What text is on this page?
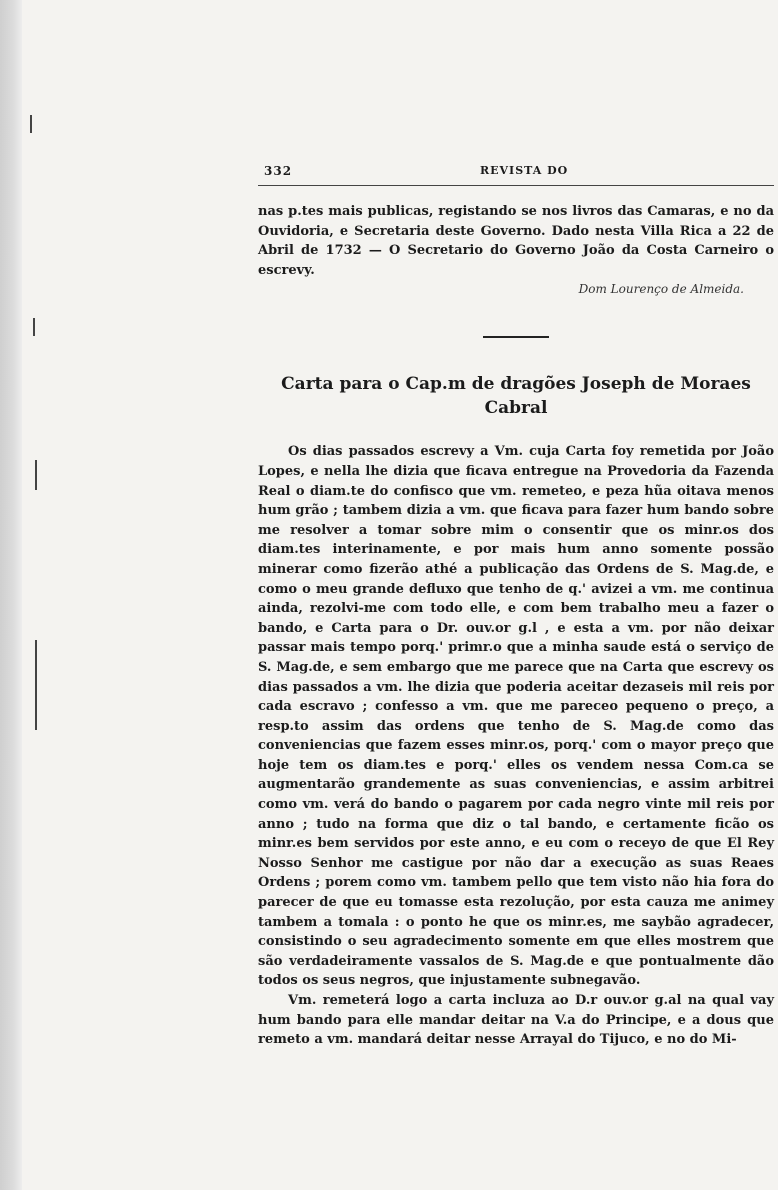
332	REVISTA DO
nas p.tes mais publicas, registando se nos livros das Camaras, e no da Ouvidoria, e Secretaria deste Governo. Dado nesta Villa Rica a 22 de Abril de 1732 — O Secretario do Governo João da Costa Carneiro o escrevy.
Dom Lourenço de Almeida.
Carta para o Cap.m de dragões Joseph de Moraes Cabral

Os dias passados escrevy a Vm. cuja Carta foy remetida por João Lopes, e nella lhe dizia que ficava entregue na Provedoria da Fazenda Real o diam.te do confisco que vm. remeteo, e peza hũa oitava menos hum grão ; tambem dizia a vm. que ficava para fazer hum bando sobre me resolver a tomar sobre mim o consentir que os minr.os dos diam.tes interinamente, e por mais hum anno somente possão minerar como fizerão athé a publicação das Ordens de S. Mag.de, e como o meu grande defluxo que tenho de q.' avizei a vm. me continua ainda, rezolvi-me com todo elle, e com bem trabalho meu a fazer o bando, e Carta para o Dr. ouv.or g.l , e esta a vm. por não deixar passar mais tempo porq.' primr.o que a minha saude está o serviço de S. Mag.de, e sem embargo que me parece que na Carta que escrevy os dias passados a vm. lhe dizia que poderia aceitar dezaseis mil reis por cada escravo ; confesso a vm. que me pareceo pequeno o preço, a resp.to assim das ordens que tenho de S. Mag.de como das conveniencias que fazem esses minr.os, porq.' com o mayor preço que hoje tem os diam.tes e porq.' elles os vendem nessa Com.ca se augmentarão grandemente as suas conveniencias, e assim arbitrei como vm. verá do bando o pagarem por cada negro vinte mil reis por anno ; tudo na forma que diz o tal bando, e certamente ficão os minr.es bem servidos por este anno, e eu com o receyo de que El Rey Nosso Senhor me castigue por não dar a execução as suas Reaes Ordens ; porem como vm. tambem pello que tem visto não hia fora do parecer de que eu tomasse esta rezolução, por esta cauza me animey tambem a tomala : o ponto he que os minr.es, me saybão agradecer, consistindo o seu agradecimento somente em que elles mostrem que são verdadeiramente vassalos de S. Mag.de e que pontualmente dão todos os seus negros, que injustamente subnegavão.

Vm. remeterá logo a carta incluza ao D.r ouv.or g.al na qual vay hum bando para elle mandar deitar na V.a do Principe, e a dous que remeto a vm. mandará deitar nesse Arrayal do Tijuco, e no do Mi-
